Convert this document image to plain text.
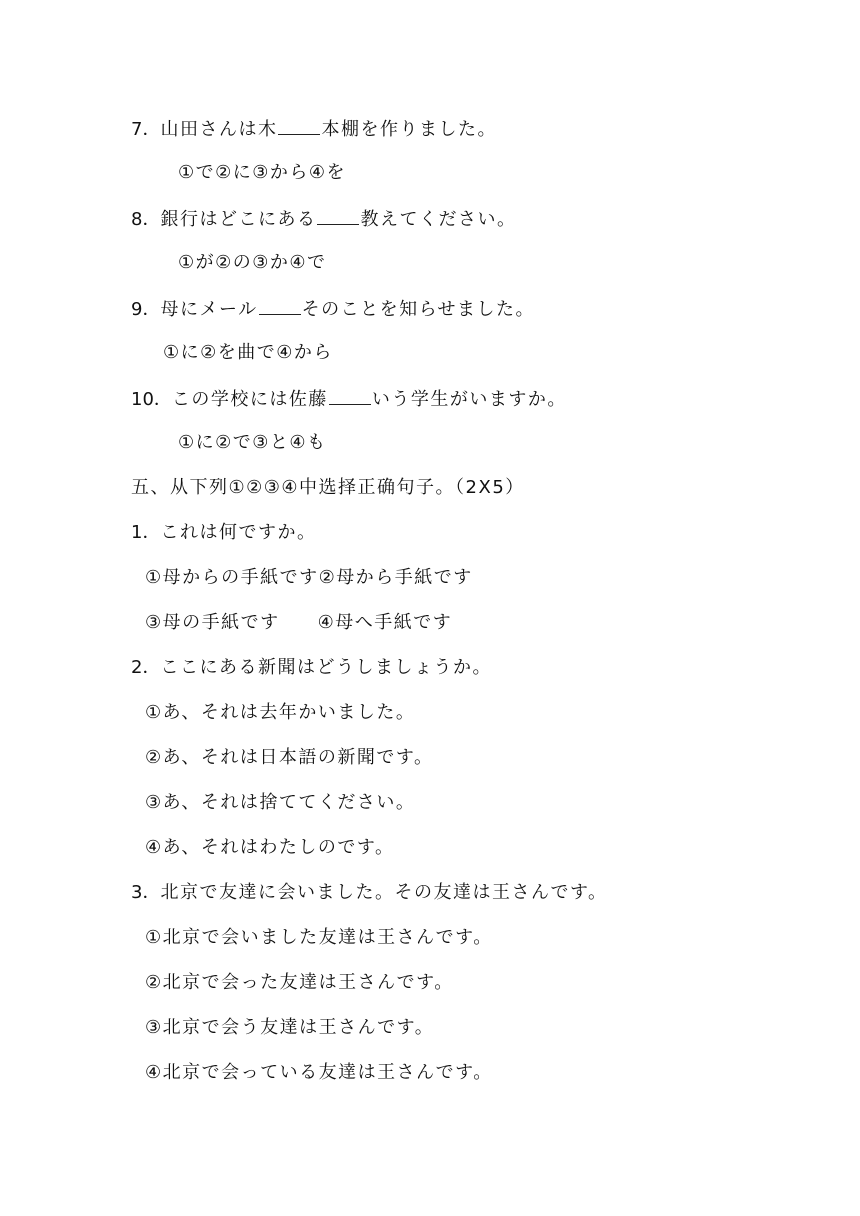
7．山田さんは木 本棚を作りました。
①で②に③から④を
8．銀行はどこにある 教えてください。
①が②の③か④で
9．母にメール そのことを知らせました。
①に②を曲で④から
10．この学校には佐藤 いう学生がいますか。
①に②で③と④も
五、从下列①②③④中选择正确句子。（2X5）
1．これは何ですか。
①母からの手紙です②母から手紙です
③母の手紙です ④母へ手紙です
2．ここにある新聞はどうしましょうか。
①あ、それは去年かいました。
②あ、それは日本語の新聞です。
③あ、それは捨ててください。
④あ、それはわたしのです。
3．北京で友達に会いました。その友達は王さんです。
①北京で会いました友達は王さんです。
②北京で会った友達は王さんです。
③北京で会う友達は王さんです。
④北京で会っている友達は王さんです。
